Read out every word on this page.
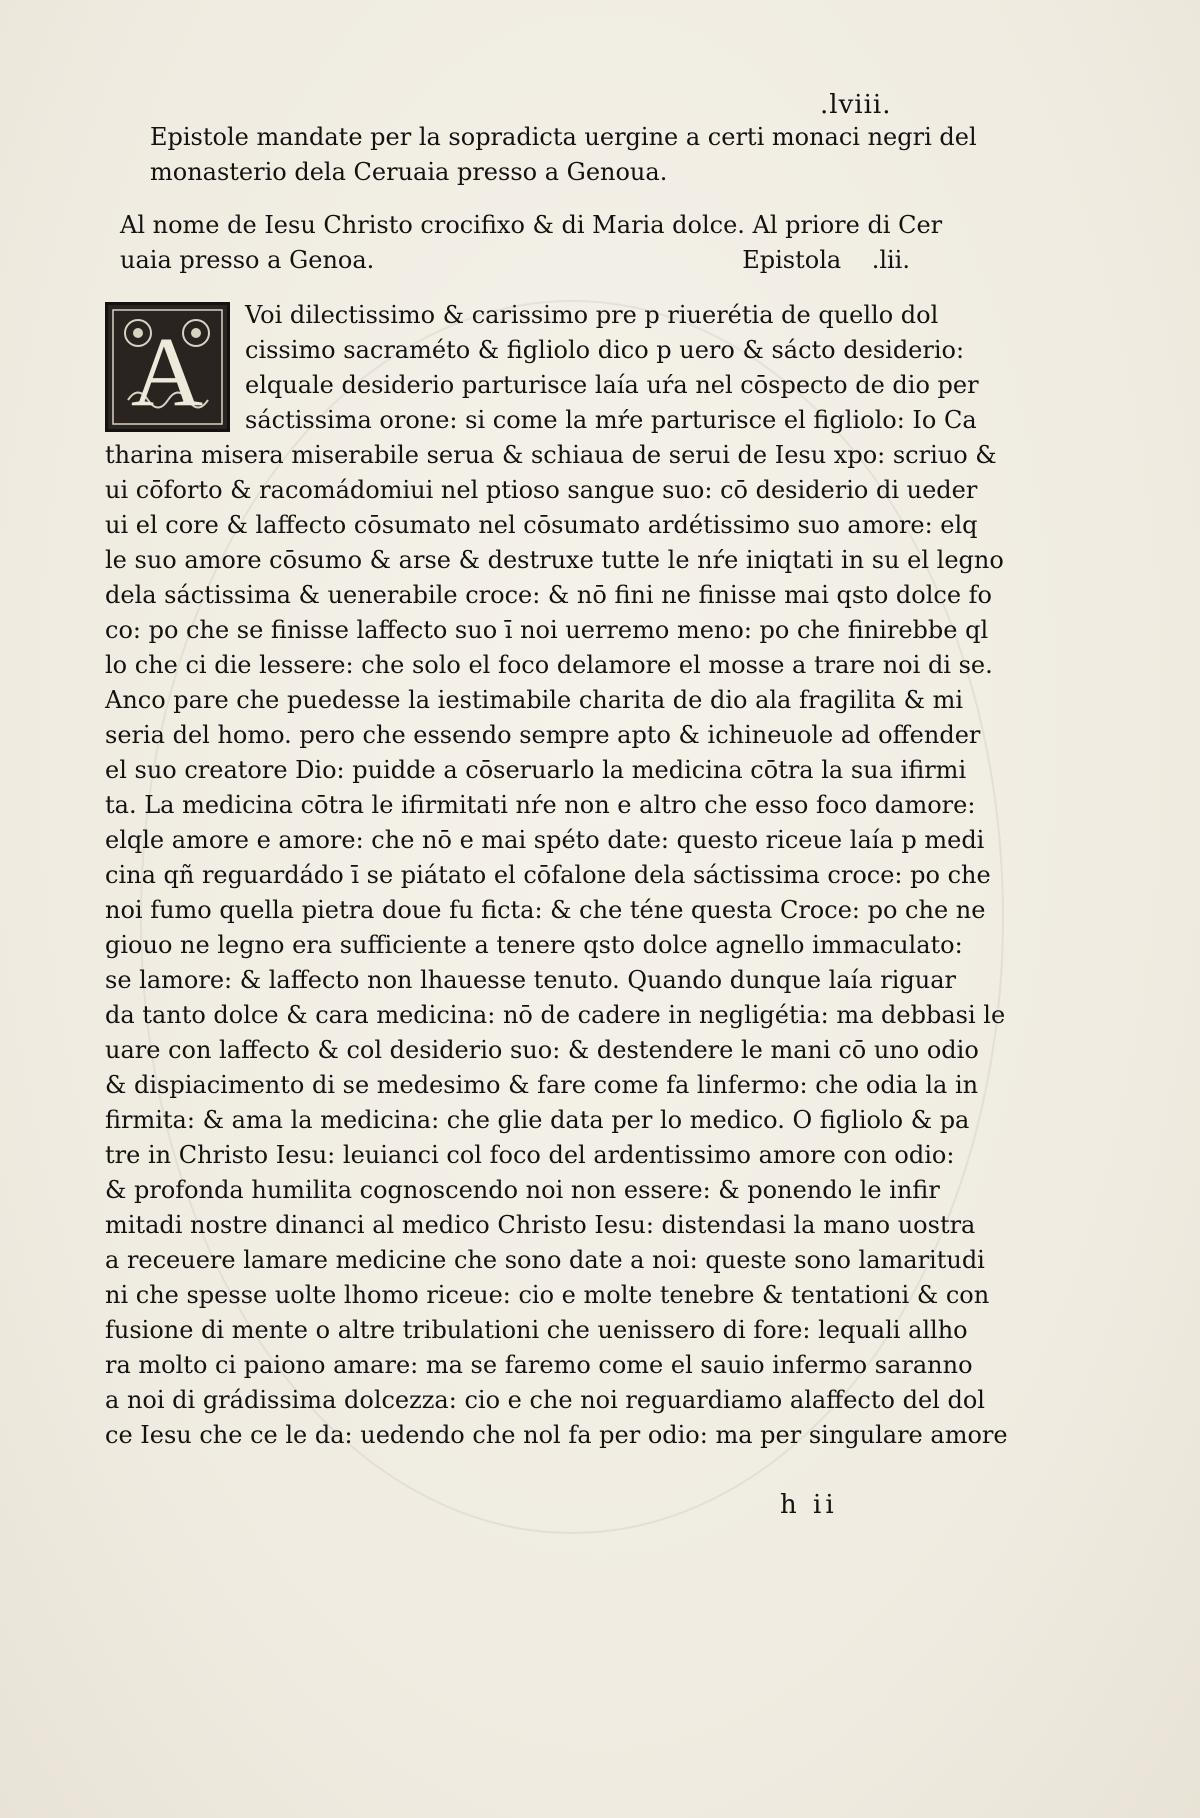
.lviii.
Epistole mandate per la sopradicta uergine a certi monaci negri del
monasterio dela Ceruaia presso a Genoua.
Al nome de Iesu Christo crocifixo & di Maria dolce. Al priore di Cer
uaia presso a Genoa.	Epistola    .lii.
A
Voi dilectissimo & carissimo pre p riuerétia de quello dol
cissimo sacraméto & figliolo dico p uero & sácto desiderio:
elquale desiderio parturisce laía uŕa nel cōspecto de dio per
sáctissima orone: si come la mŕe parturisce el figliolo: Io Ca
tharina misera miserabile serua & schiaua de serui de Iesu xpo: scriuo &
ui cōforto & racomádomiui nel ptioso sangue suo: cō desiderio di ueder
ui el core & laffecto cōsumato nel cōsumato ardétissimo suo amore: elq
le suo amore cōsumo & arse & destruxe tutte le nŕe iniqtati in su el legno
dela sáctissima & uenerabile croce: & nō fini ne finisse mai qsto dolce fo
co: po che se finisse laffecto suo ī noi uerremo meno: po che finirebbe ql
lo che ci die lessere: che solo el foco delamore el mosse a trare noi di se.
Anco pare che puedesse la iestimabile charita de dio ala fragilita & mi
seria del homo. pero che essendo sempre apto & ichineuole ad offender
el suo creatore Dio: puidde a cōseruarlo la medicina cōtra la sua ifirmi
ta. La medicina cōtra le ifirmitati nŕe non e altro che esso foco damore:
elqle amore e amore: che nō e mai spéto date: questo riceue laía p medi
cina qñ reguardádo ī se piátato el cōfalone dela sáctissima croce: po che
noi fumo quella pietra doue fu ficta: & che téne questa Croce: po che ne
giouo ne legno era sufficiente a tenere qsto dolce agnello immaculato:
se lamore: & laffecto non lhauesse tenuto. Quando dunque laía riguar
da tanto dolce & cara medicina: nō de cadere in negligétia: ma debbasi le
uare con laffecto & col desiderio suo: & destendere le mani cō uno odio
& dispiacimento di se medesimo & fare come fa linfermo: che odia la in
firmita: & ama la medicina: che glie data per lo medico. O figliolo & pa
tre in Christo Iesu: leuianci col foco del ardentissimo amore con odio:
& profonda humilita cognoscendo noi non essere: & ponendo le infir
mitadi nostre dinanci al medico Christo Iesu: distendasi la mano uostra
a receuere lamare medicine che sono date a noi: queste sono lamaritudi
ni che spesse uolte lhomo riceue: cio e molte tenebre & tentationi & con
fusione di mente o altre tribulationi che uenissero di fore: lequali allho
ra molto ci paiono amare: ma se faremo come el sauio infermo saranno
a noi di grádissima dolcezza: cio e che noi reguardiamo alaffecto del dol
ce Iesu che ce le da: uedendo che nol fa per odio: ma per singulare amore
h ii
